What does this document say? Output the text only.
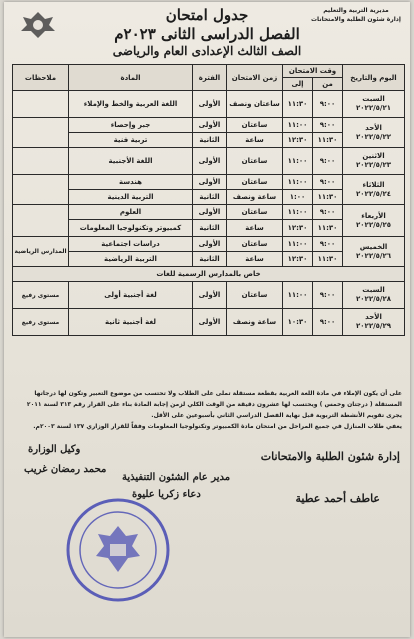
مديرية التربية والتعليم
إدارة شئون الطلبة والامتحانات
جدول امتحان
الفصل الدراسى الثانى ٢٠٢٣م
الصف الثالث الإعدادى العام والرياضى
اليوم والتاريخ	وقت الامتحان		زمن الامتحان	الفترة	المادة	ملاحظات
	من	إلى				

السبت
٢٠٢٢/٥/٢١	٩:٠٠	١١:٣٠	ساعتان ونصف	الأولى	اللغة العربية والخط والإملاء	

الأحد
٢٠٢٢/٥/٢٢	٩:٠٠	١١:٠٠	ساعتان	الأولى	جبر وإحصاء	
	١١:٣٠	١٢:٣٠	ساعة	الثانية	تربية فنية	

الاثنين
٢٠٢٢/٥/٢٣	٩:٠٠	١١:٠٠	ساعتان	الأولى	اللغة الأجنبية	

الثلاثاء
٢٠٢٢/٥/٢٤	٩:٠٠	١١:٠٠	ساعتان	الأولى	هندسة	
	١١:٣٠	١:٠٠	ساعة ونصف	الثانية	التربية الدينية	

الأربعاء
٢٠٢٢/٥/٢٥	٩:٠٠	١١:٠٠	ساعتان	الأولى	العلوم	
	١١:٣٠	١٢:٣٠	ساعة	الثانية	كمبيوتر وتكنولوجيا المعلومات	

الخميس
٢٠٢٢/٥/٢٦	٩:٠٠	١١:٠٠	ساعتان	الأولى	دراسات اجتماعية	المدارس الرياضية
	١١:٣٠	١٢:٣٠	ساعة	الثانية	التربية الرياضية	
خاص بالمدارس الرسمية للغات						

السبت
٢٠٢٢/٥/٢٨	٩:٠٠	١١:٠٠	ساعتان	الأولى	لغة أجنبية أولى	مستوى رفيع

الأحد
٢٠٢٢/٥/٢٩	٩:٠٠	١٠:٣٠	ساعة ونصف	الأولى	لغة أجنبية ثانية	مستوى رفيع
على أن يكون الإملاء في مادة اللغة العربية بقطعة مستقلة تملى على الطلاب ولا تحتسب من موضوع التعبير وتكون لها درجاتها
المستقلة ( درجتان وخمس ) ويحتسب لها عشرون دقيقة من الوقت الكلي لزمن إجابة المادة بناء على القرار رقم ٣١٣ لسنة ٢٠١١
يجرى تقويم الأنشطة التربوية قبل نهاية الفصل الدراسي الثاني بأسبوعين على الأقل.
يعفي طلاب المنازل في جميع المراحل من امتحان مادة الكمبيوتر وتكنولوجيا المعلومات وفقاً للقرار الوزاري ١٣٧ لسنة ٢٠٠٣م.
إدارة شئون الطلبة والامتحانات
عاطف أحمد عطية
مدير عام الشئون التنفيذية
دعاء زكريا عليوة
وكيل الوزارة
محمد رمضان غريب
